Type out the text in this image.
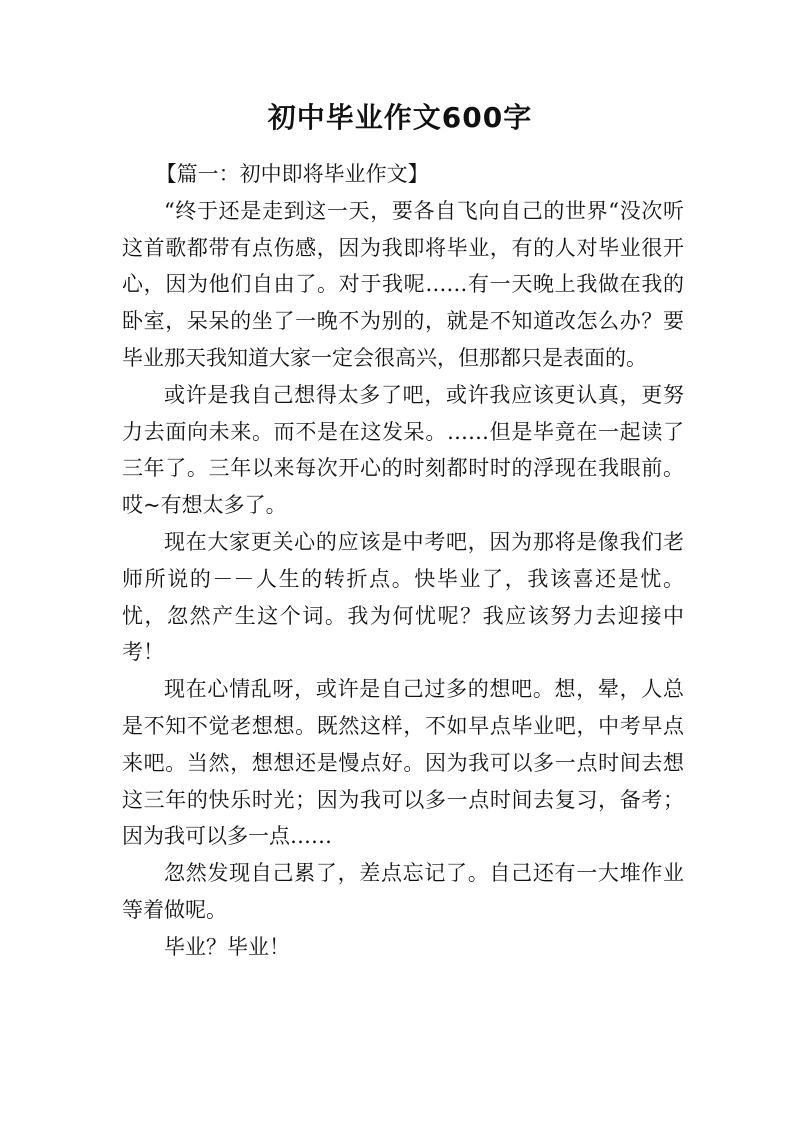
初中毕业作文600字

【篇一：初中即将毕业作文】

“终于还是走到这一天，要各自飞向自己的世界“没次听这首歌都带有点伤感，因为我即将毕业，有的人对毕业很开心，因为他们自由了。对于我呢……有一天晚上我做在我的卧室，呆呆的坐了一晚不为别的，就是不知道改怎么办？要毕业那天我知道大家一定会很高兴，但那都只是表面的。

或许是我自己想得太多了吧，或许我应该更认真，更努力去面向未来。而不是在这发呆。……但是毕竟在一起读了三年了。三年以来每次开心的时刻都时时的浮现在我眼前。哎~有想太多了。

现在大家更关心的应该是中考吧，因为那将是像我们老师所说的－－人生的转折点。快毕业了，我该喜还是忧。忧，忽然产生这个词。我为何忧呢？我应该努力去迎接中考！

现在心情乱呀，或许是自己过多的想吧。想，晕，人总是不知不觉老想想。既然这样，不如早点毕业吧，中考早点来吧。当然，想想还是慢点好。因为我可以多一点时间去想这三年的快乐时光；因为我可以多一点时间去复习，备考；因为我可以多一点……

忽然发现自己累了，差点忘记了。自己还有一大堆作业等着做呢。

毕业？毕业！
